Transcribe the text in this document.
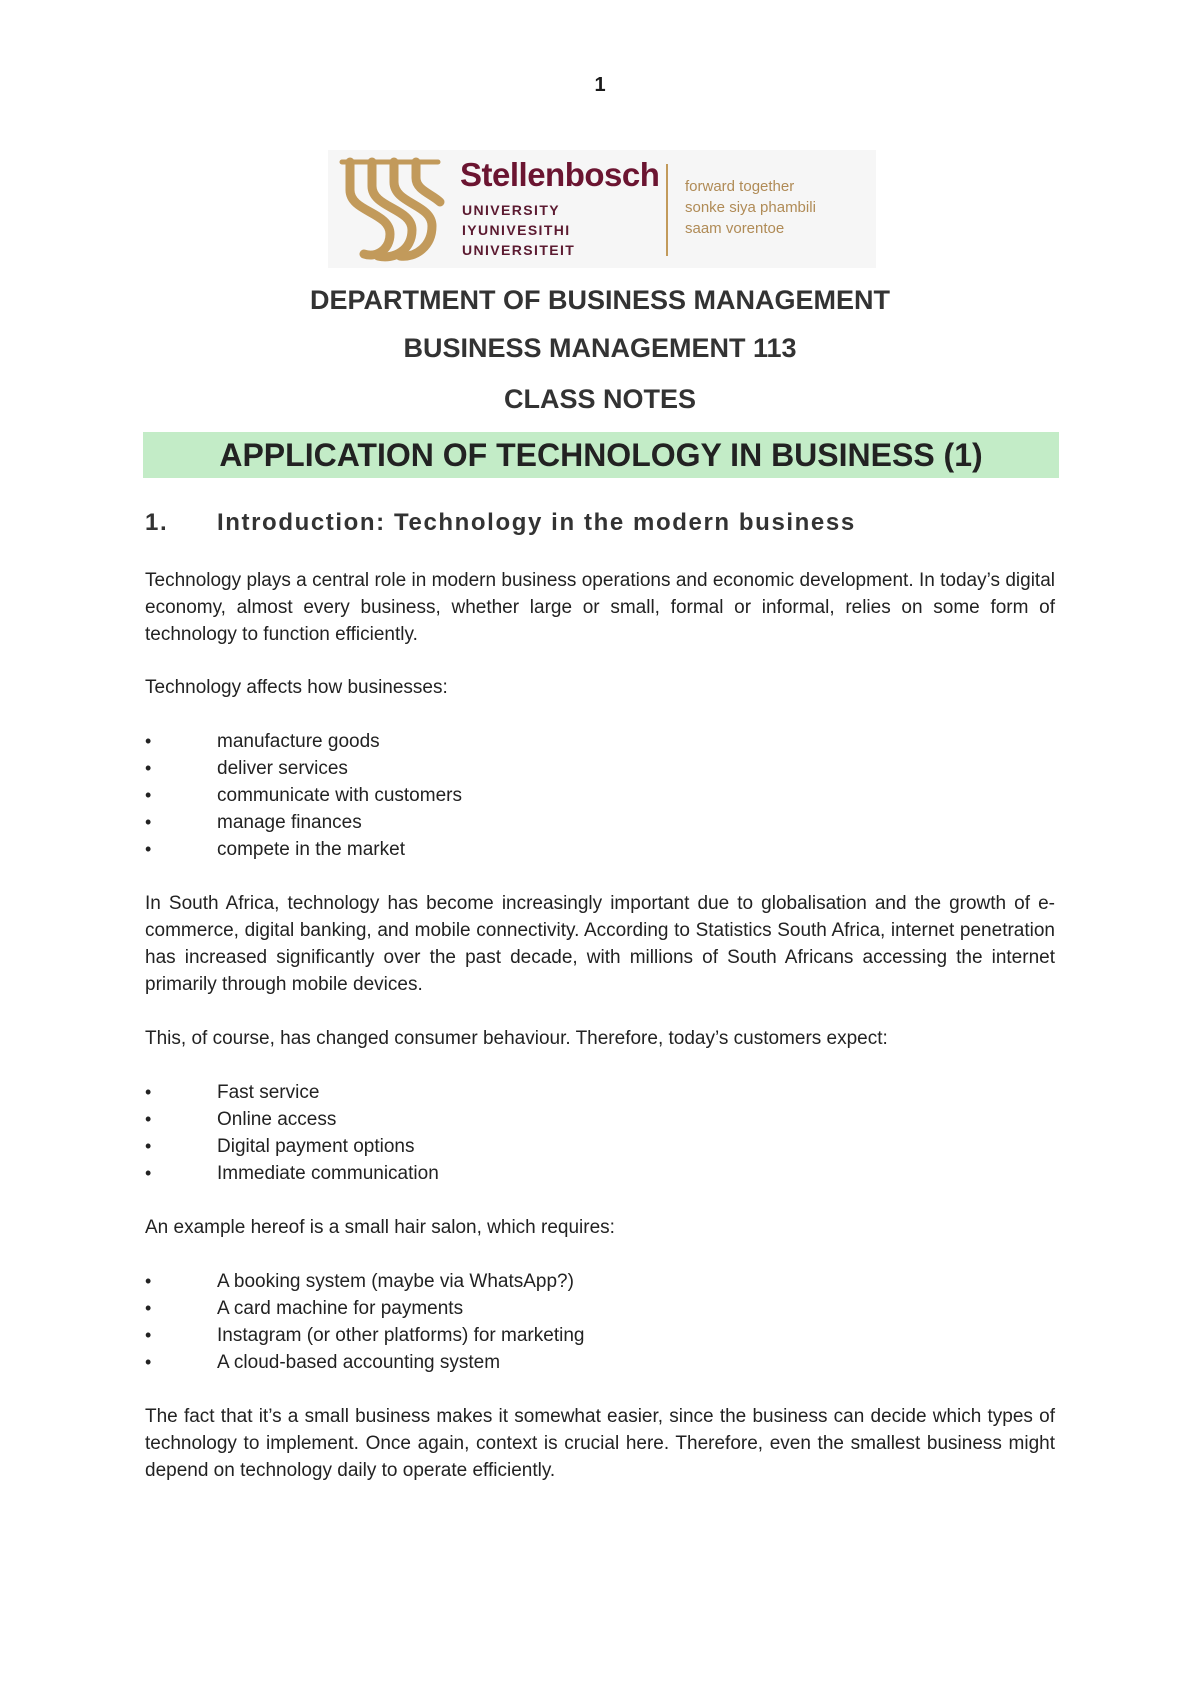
1
Stellenbosch
UNIVERSITY
IYUNIVESITHI
UNIVERSITEIT
forward together
sonke siya phambili
saam vorentoe
DEPARTMENT OF BUSINESS MANAGEMENT
BUSINESS MANAGEMENT 113
CLASS NOTES
APPLICATION OF TECHNOLOGY IN BUSINESS (1)
1. Introduction: Technology in the modern business

Technology plays a central role in modern business operations and economic development. In today’s digital economy, almost every business, whether large or small, formal or informal, relies on some form of technology to function efficiently.

Technology affects how businesses:

•	manufacture goods
•	deliver services
•	communicate with customers
•	manage finances
•	compete in the market

In South Africa, technology has become increasingly important due to globalisation and the growth of e-commerce, digital banking, and mobile connectivity. According to Statistics South Africa, internet penetration has increased significantly over the past decade, with millions of South Africans accessing the internet primarily through mobile devices.

This, of course, has changed consumer behaviour. Therefore, today’s customers expect:

•	Fast service
•	Online access
•	Digital payment options
•	Immediate communication

An example hereof is a small hair salon, which requires:

•	A booking system (maybe via WhatsApp?)
•	A card machine for payments
•	Instagram (or other platforms) for marketing
•	A cloud-based accounting system

The fact that it’s a small business makes it somewhat easier, since the business can decide which types of technology to implement. Once again, context is crucial here. Therefore, even the smallest business might depend on technology daily to operate efficiently.
